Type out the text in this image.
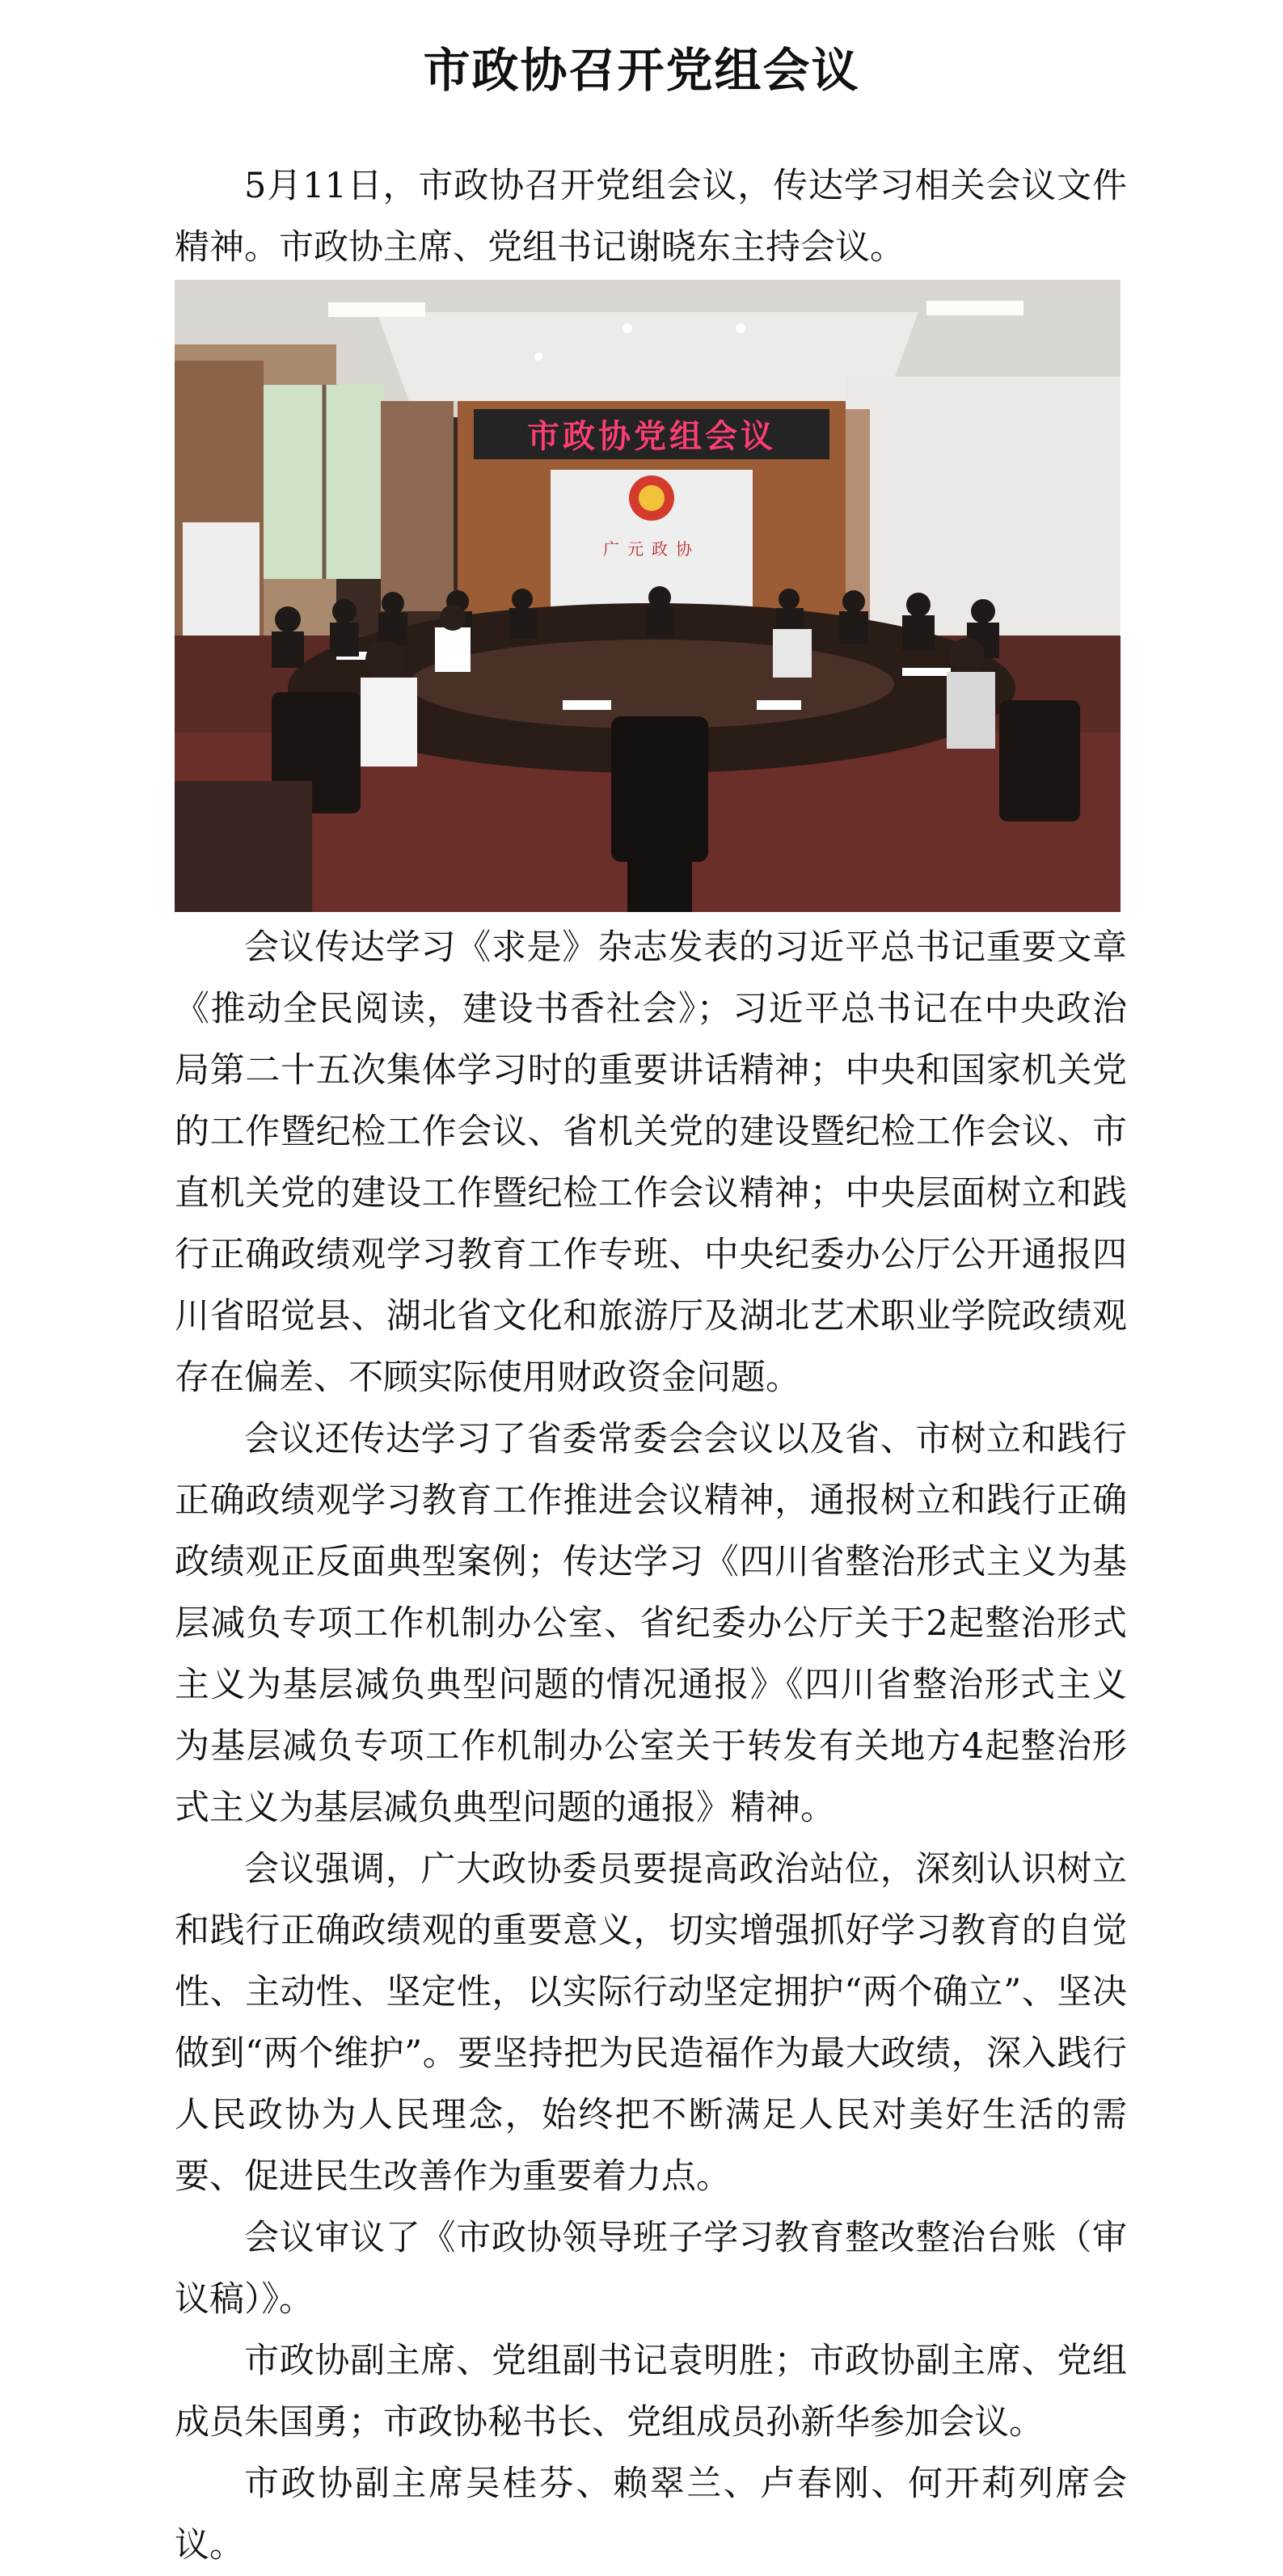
市政协召开党组会议

5月11日，市政协召开党组会议，传达学习相关会议文件精神。市政协主席、党组书记谢晓东主持会议。

市政协党组会议
广元政协

会议传达学习《求是》杂志发表的习近平总书记重要文章《推动全民阅读，建设书香社会》；习近平总书记在中央政治局第二十五次集体学习时的重要讲话精神；中央和国家机关党的工作暨纪检工作会议、省机关党的建设暨纪检工作会议、市直机关党的建设工作暨纪检工作会议精神；中央层面树立和践行正确政绩观学习教育工作专班、中央纪委办公厅公开通报四川省昭觉县、湖北省文化和旅游厅及湖北艺术职业学院政绩观存在偏差、不顾实际使用财政资金问题。

会议还传达学习了省委常委会会议以及省、市树立和践行正确政绩观学习教育工作推进会议精神，通报树立和践行正确政绩观正反面典型案例；传达学习《四川省整治形式主义为基层减负专项工作机制办公室、省纪委办公厅关于2起整治形式主义为基层减负典型问题的情况通报》《四川省整治形式主义为基层减负专项工作机制办公室关于转发有关地方4起整治形式主义为基层减负典型问题的通报》精神。

会议强调，广大政协委员要提高政治站位，深刻认识树立和践行正确政绩观的重要意义，切实增强抓好学习教育的自觉性、主动性、坚定性，以实际行动坚定拥护“两个确立”、坚决做到“两个维护”。要坚持把为民造福作为最大政绩，深入践行人民政协为人民理念，始终把不断满足人民对美好生活的需要、促进民生改善作为重要着力点。

会议审议了《市政协领导班子学习教育整改整治台账（审议稿）》。

市政协副主席、党组副书记袁明胜；市政协副主席、党组成员朱国勇；市政协秘书长、党组成员孙新华参加会议。

市政协副主席吴桂芬、赖翠兰、卢春刚、何开莉列席会议。
